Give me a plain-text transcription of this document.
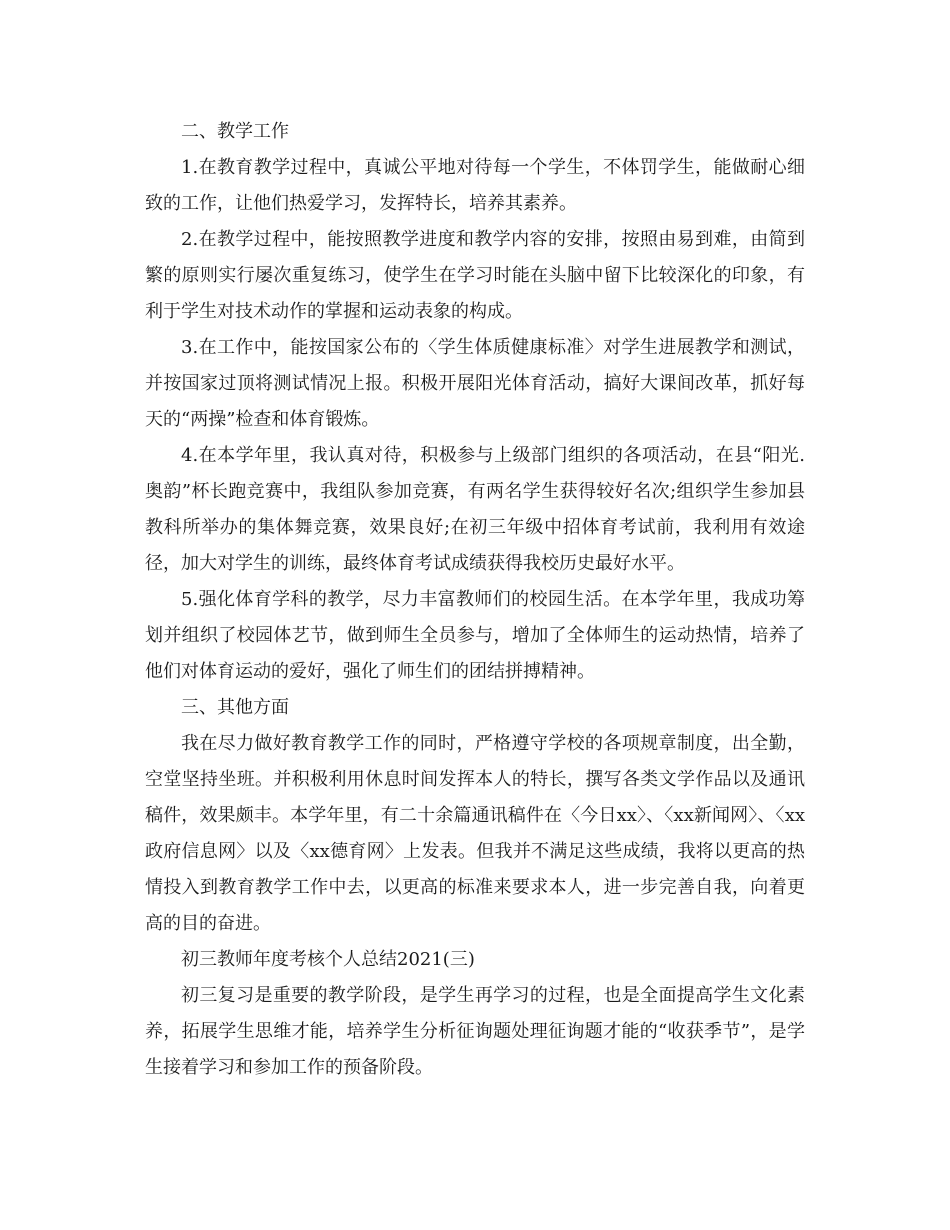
二、教学工作

1.在教育教学过程中，真诚公平地对待每一个学生，不体罚学生，能做耐心细致的工作，让他们热爱学习，发挥特长，培养其素养。

2.在教学过程中，能按照教学进度和教学内容的安排，按照由易到难，由简到繁的原则实行屡次重复练习，使学生在学习时能在头脑中留下比较深化的印象，有利于学生对技术动作的掌握和运动表象的构成。

3.在工作中，能按国家公布的〈学生体质健康标准〉对学生进展教学和测试，并按国家过顶将测试情况上报。积极开展阳光体育活动，搞好大课间改革，抓好每天的“两操”检查和体育锻炼。

4.在本学年里，我认真对待，积极参与上级部门组织的各项活动，在县“阳光.奥韵”杯长跑竞赛中，我组队参加竞赛，有两名学生获得较好名次;组织学生参加县教科所举办的集体舞竞赛，效果良好;在初三年级中招体育考试前，我利用有效途径，加大对学生的训练，最终体育考试成绩获得我校历史最好水平。

5.强化体育学科的教学，尽力丰富教师们的校园生活。在本学年里，我成功筹划并组织了校园体艺节，做到师生全员参与，增加了全体师生的运动热情，培养了他们对体育运动的爱好，强化了师生们的团结拼搏精神。

三、其他方面

我在尽力做好教育教学工作的同时，严格遵守学校的各项规章制度，出全勤，空堂坚持坐班。并积极利用休息时间发挥本人的特长，撰写各类文学作品以及通讯稿件，效果颇丰。本学年里，有二十余篇通讯稿件在〈今日xx〉、〈xx新闻网〉、〈xx政府信息网〉以及〈xx德育网〉上发表。但我并不满足这些成绩，我将以更高的热情投入到教育教学工作中去，以更高的标准来要求本人，进一步完善自我，向着更高的目的奋进。

初三教师年度考核个人总结2021(三)

初三复习是重要的教学阶段，是学生再学习的过程，也是全面提高学生文化素养，拓展学生思维才能，培养学生分析征询题处理征询题才能的“收获季节”，是学生接着学习和参加工作的预备阶段。
